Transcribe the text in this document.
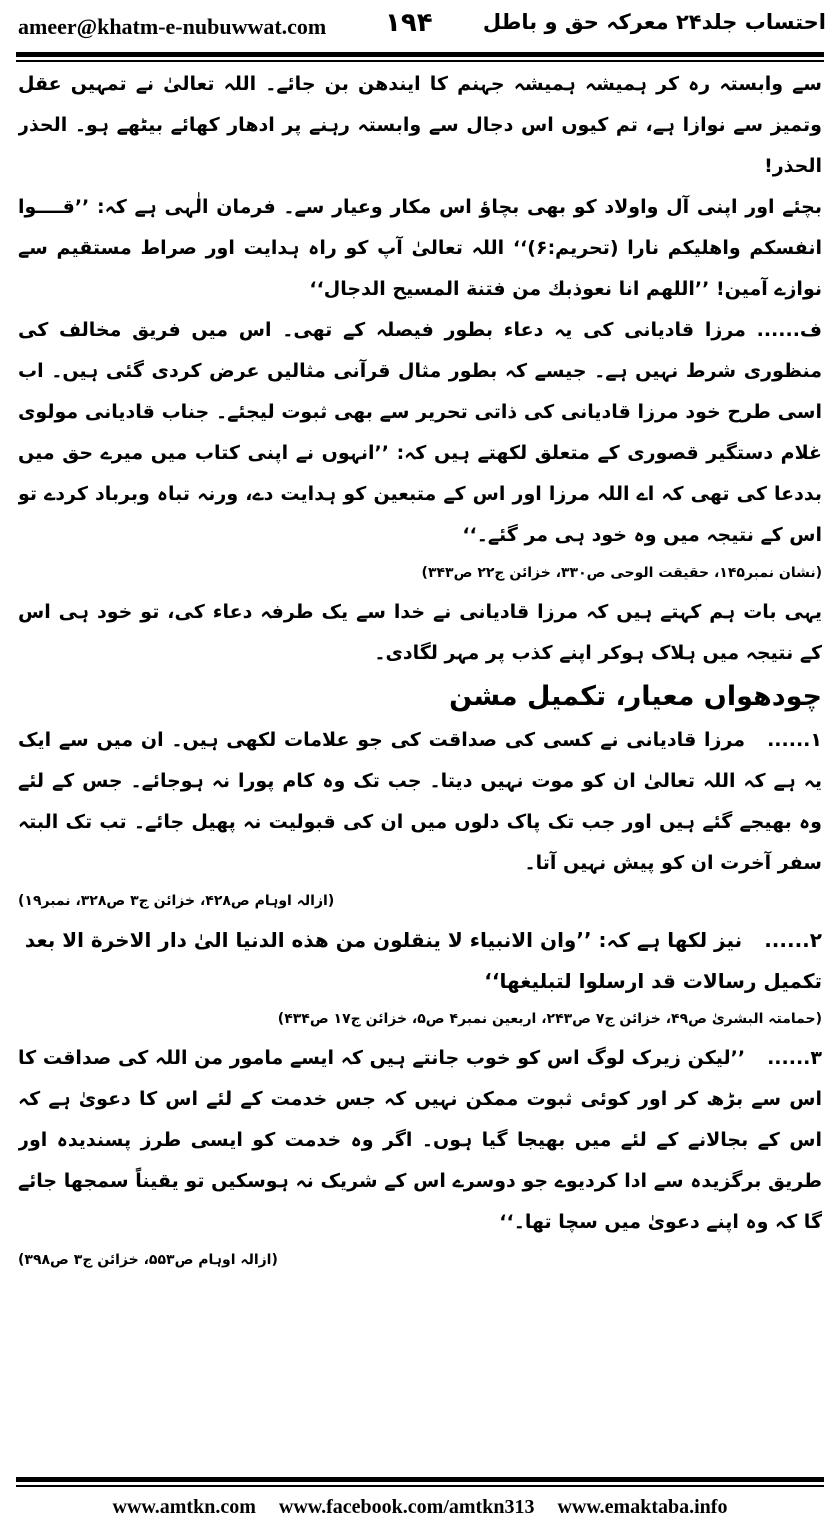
ameer@khatm-e-nubuwwat.com ۱۹۴ احتساب جلد۲۴ معرکہ حق و باطل

سے وابستہ رہ کر ہمیشہ ہمیشہ جہنم کا ایندھن بن جائے۔ اللہ تعالیٰ نے تمہیں عقل وتمیز سے نوازا ہے، تم کیوں اس دجال سے وابستہ رہنے پر ادھار کھائے بیٹھے ہو۔ الحذر الحذر!

بچئے اور اپنی آل واولاد کو بھی بچاؤ اس مکار وعیار سے۔ فرمان الٰہی ہے کہ: ’’قــــوا انفسکم واهلیکم نارا (تحریم:۶)‘‘ اللہ تعالیٰ آپ کو راہ ہدایت اور صراط مستقیم سے نوازے آمین! ’’اللهم انا نعوذبك من فتنة المسيح الدجال‘‘

ف...... مرزا قادیانی کی یہ دعاء بطور فیصلہ کے تھی۔ اس میں فریق مخالف کی منظوری شرط نہیں ہے۔ جیسے کہ بطور مثال قرآنی مثالیں عرض کردی گئی ہیں۔ اب اسی طرح خود مرزا قادیانی کی ذاتی تحریر سے بھی ثبوت لیجئے۔ جناب قادیانی مولوی غلام دستگیر قصوری کے متعلق لکھتے ہیں کہ: ’’انہوں نے اپنی کتاب میں میرے حق میں بددعا کی تھی کہ اے اللہ مرزا اور اس کے متبعین کو ہدایت دے، ورنہ تباہ وبرباد کردے تو اس کے نتیجہ میں وہ خود ہی مر گئے۔‘‘

(نشان نمبر۱۴۵، حقیقت الوحی ص۳۳۰، خزائن ج۲۲ ص۳۴۳)

یہی بات ہم کہتے ہیں کہ مرزا قادیانی نے خدا سے یک طرفہ دعاء کی، تو خود ہی اس کے نتیجہ میں ہلاک ہوکر اپنے کذب پر مہر لگادی۔

چودھواں معیار، تکمیل مشن

۱......مرزا قادیانی نے کسی کی صداقت کی جو علامات لکھی ہیں۔ ان میں سے ایک یہ ہے کہ اللہ تعالیٰ ان کو موت نہیں دیتا۔ جب تک وہ کام پورا نہ ہوجائے۔ جس کے لئے وہ بھیجے گئے ہیں اور جب تک پاک دلوں میں ان کی قبولیت نہ پھیل جائے۔ تب تک البتہ سفر آخرت ان کو پیش نہیں آتا۔

(ازالہ اوہام ص۴۲۸، خزائن ج۳ ص۳۲۸، نمبر۱۹)

۲......نیز لکھا ہے کہ: ’’وان الانبياء لا ينقلون من هذه الدنيا الیٰ دار الاخرة الا بعد تكميل رسالات قد ارسلوا لتبليغها‘‘

(حمامتہ البشریٰ ص۴۹، خزائن ج۷ ص۲۴۳، اربعین نمبر۴ ص۵، خزائن ج۱۷ ص۴۳۴)

۳......’’لیکن زیرک لوگ اس کو خوب جانتے ہیں کہ ایسے مامور من اللہ کی صداقت کا اس سے بڑھ کر اور کوئی ثبوت ممکن نہیں کہ جس خدمت کے لئے اس کا دعویٰ ہے کہ اس کے بجالانے کے لئے میں بھیجا گیا ہوں۔ اگر وہ خدمت کو ایسی طرز پسندیدہ اور طریق برگزیدہ سے ادا کردیوے جو دوسرے اس کے شریک نہ ہوسکیں تو یقیناً سمجھا جائے گا کہ وہ اپنے دعویٰ میں سچا تھا۔‘‘

(ازالہ اوہام ص۵۵۳، خزائن ج۳ ص۳۹۸)

www.amtkn.com www.facebook.com/amtkn313 www.emaktaba.info
